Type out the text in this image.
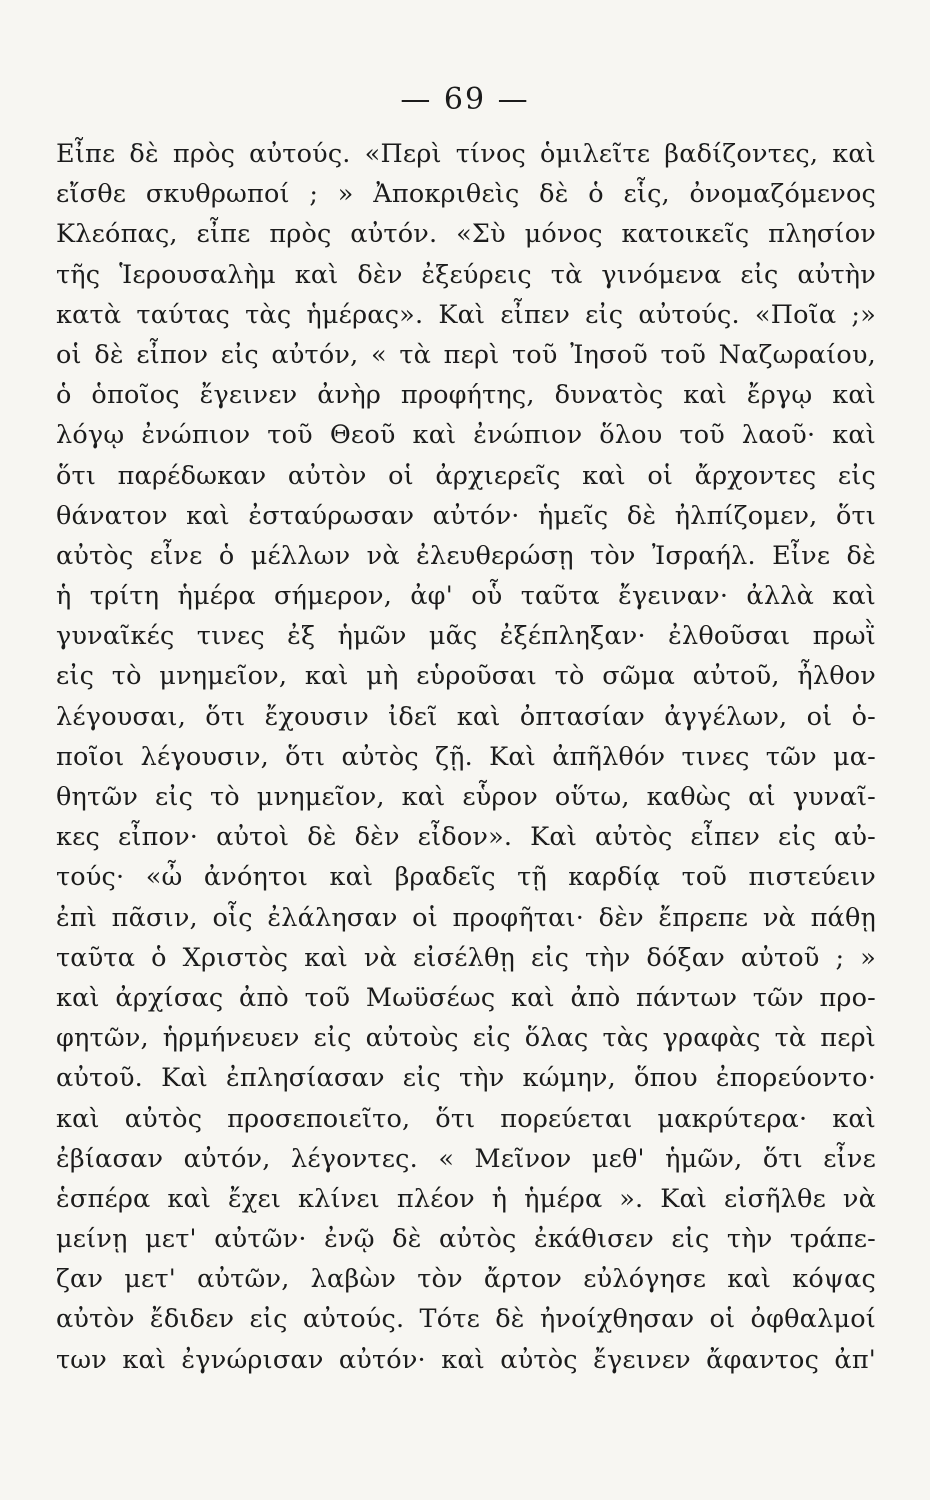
— 69 —
Εἶπε δὲ πρὸς αὐτούς. «Περὶ τίνος ὁμιλεῖτε βαδίζοντες, καὶ
εἴσθε σκυθρωποί ; » Ἀποκριθεὶς δὲ ὁ εἷς, ὀνομαζόμενος
Κλεόπας, εἶπε πρὸς αὐτόν. «Σὺ μόνος κατοικεῖς πλησίον
τῆς Ἱερουσαλὴμ καὶ δὲν ἐξεύρεις τὰ γινόμενα εἰς αὐτὴν
κατὰ ταύτας τὰς ἡμέρας». Καὶ εἶπεν εἰς αὐτούς. «Ποῖα ;»
οἱ δὲ εἶπον εἰς αὐτόν, « τὰ περὶ τοῦ Ἰησοῦ τοῦ Ναζωραίου,
ὁ ὁποῖος ἔγεινεν ἀνὴρ προφήτης, δυνατὸς καὶ ἔργῳ καὶ
λόγῳ ἐνώπιον τοῦ Θεοῦ καὶ ἐνώπιον ὅλου τοῦ λαοῦ· καὶ
ὅτι παρέδωκαν αὐτὸν οἱ ἀρχιερεῖς καὶ οἱ ἄρχοντες εἰς
θάνατον καὶ ἐσταύρωσαν αὐτόν· ἡμεῖς δὲ ἠλπίζομεν, ὅτι
αὐτὸς εἶνε ὁ μέλλων νὰ ἐλευθερώσῃ τὸν Ἰσραήλ. Εἶνε δὲ
ἡ τρίτη ἡμέρα σήμερον, ἀφ' οὗ ταῦτα ἔγειναν· ἀλλὰ καὶ
γυναῖκές τινες ἐξ ἡμῶν μᾶς ἐξέπληξαν· ἐλθοῦσαι πρωῒ
εἰς τὸ μνημεῖον, καὶ μὴ εὑροῦσαι τὸ σῶμα αὐτοῦ, ἦλθον
λέγουσαι, ὅτι ἔχουσιν ἰδεῖ καὶ ὀπτασίαν ἀγγέλων, οἱ ὁ-
ποῖοι λέγουσιν, ὅτι αὐτὸς ζῇ. Καὶ ἀπῆλθόν τινες τῶν μα-
θητῶν εἰς τὸ μνημεῖον, καὶ εὗρον οὕτω, καθὼς αἱ γυναῖ-
κες εἶπον· αὐτοὶ δὲ δὲν εἶδον». Καὶ αὐτὸς εἶπεν εἰς αὐ-
τούς· «ὦ ἀνόητοι καὶ βραδεῖς τῇ καρδίᾳ τοῦ πιστεύειν
ἐπὶ πᾶσιν, οἷς ἐλάλησαν οἱ προφῆται· δὲν ἔπρεπε νὰ πάθῃ
ταῦτα ὁ Χριστὸς καὶ νὰ εἰσέλθῃ εἰς τὴν δόξαν αὐτοῦ ; »
καὶ ἀρχίσας ἀπὸ τοῦ Μωϋσέως καὶ ἀπὸ πάντων τῶν προ-
φητῶν, ἡρμήνευεν εἰς αὐτοὺς εἰς ὅλας τὰς γραφὰς τὰ περὶ
αὐτοῦ. Καὶ ἐπλησίασαν εἰς τὴν κώμην, ὅπου ἐπορεύοντο·
καὶ αὐτὸς προσεποιεῖτο, ὅτι πορεύεται μακρύτερα· καὶ
ἐβίασαν αὐτόν, λέγοντες. « Μεῖνον μεθ' ἡμῶν, ὅτι εἶνε
ἑσπέρα καὶ ἔχει κλίνει πλέον ἡ ἡμέρα ». Καὶ εἰσῆλθε νὰ
μείνῃ μετ' αὐτῶν· ἐνῷ δὲ αὐτὸς ἐκάθισεν εἰς τὴν τράπε-
ζαν μετ' αὐτῶν, λαβὼν τὸν ἄρτον εὐλόγησε καὶ κόψας
αὐτὸν ἔδιδεν εἰς αὐτούς. Τότε δὲ ἠνοίχθησαν οἱ ὀφθαλμοί
των καὶ ἐγνώρισαν αὐτόν· καὶ αὐτὸς ἔγεινεν ἄφαντος ἀπ'
